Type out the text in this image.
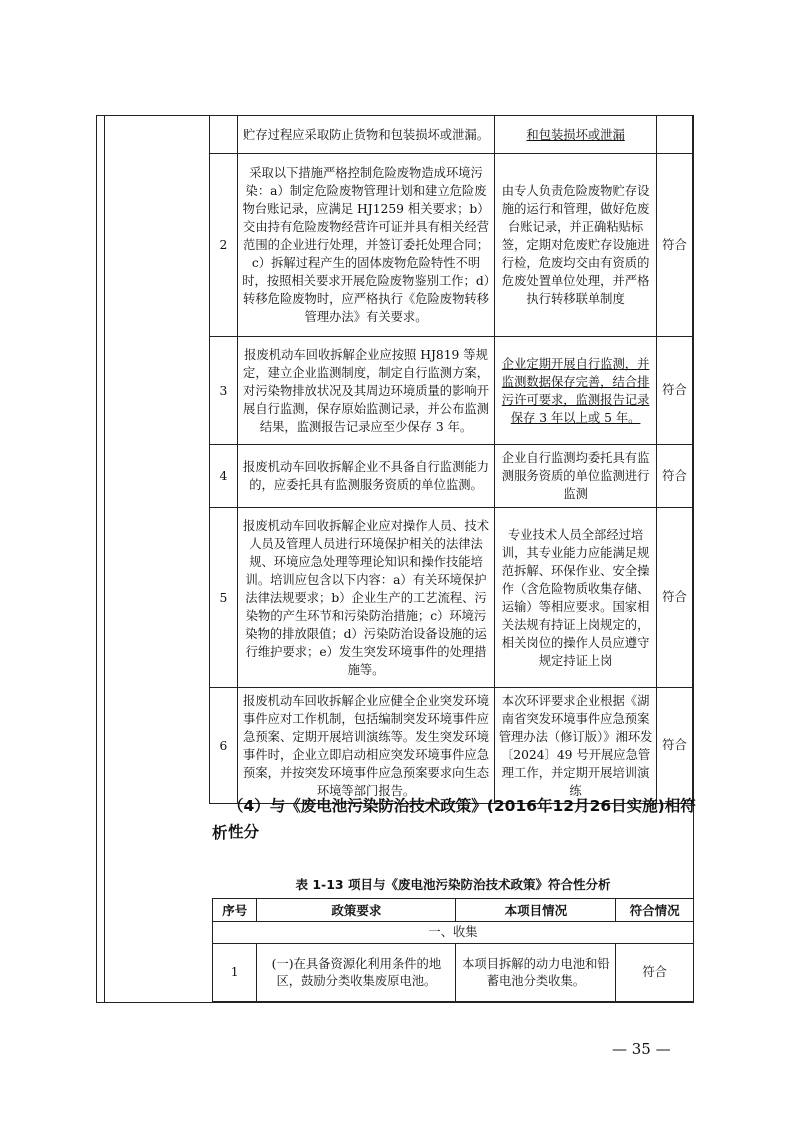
	贮存过程应采取防止货物和包装损坏或泄漏。	和包装损坏或泄漏	
2	采取以下措施严格控制危险废物造成环境污染：a）制定危险废物管理计划和建立危险废物台账记录，应满足 HJ1259 相关要求；b）交由持有危险废物经营许可证并具有相关经营范围的企业进行处理，并签订委托处理合同；c）拆解过程产生的固体废物危险特性不明时，按照相关要求开展危险废物鉴别工作；d）转移危险废物时，应严格执行《危险废物转移管理办法》有关要求。	由专人负责危险废物贮存设施的运行和管理，做好危废台账记录，并正确粘贴标签，定期对危废贮存设施进行检，危废均交由有资质的危废处置单位处理，并严格执行转移联单制度	符合
3	报废机动车回收拆解企业应按照 HJ819 等规定，建立企业监测制度，制定自行监测方案，对污染物排放状况及其周边环境质量的影响开展自行监测，保存原始监测记录，并公布监测结果，监测报告记录应至少保存 3 年。	企业定期开展自行监测，并监测数据保存完善，结合排污许可要求，监测报告记录保存 3 年以上或 5 年。	符合
4	报废机动车回收拆解企业不具备自行监测能力的，应委托具有监测服务资质的单位监测。	企业自行监测均委托具有监测服务资质的单位监测进行监测	符合
5	报废机动车回收拆解企业应对操作人员、技术人员及管理人员进行环境保护相关的法律法规、环境应急处理等理论知识和操作技能培训。培训应包含以下内容：a）有关环境保护法律法规要求；b）企业生产的工艺流程、污染物的产生环节和污染防治措施；c）环境污染物的排放限值；d）污染防治设备设施的运行维护要求；e）发生突发环境事件的处理措施等。	专业技术人员全部经过培训，其专业能力应能满足规范拆解、环保作业、安全操作（含危险物质收集存储、运输）等相应要求。国家相关法规有持证上岗规定的，相关岗位的操作人员应遵守规定持证上岗	符合
6	报废机动车回收拆解企业应健全企业突发环境事件应对工作机制，包括编制突发环境事件应急预案、定期开展培训演练等。发生突发环境事件时，企业立即启动相应突发环境事件应急预案，并按突发环境事件应急预案要求向生态环境等部门报告。	本次环评要求企业根据《湖南省突发环境事件应急预案管理办法（修订版）》湘环发〔2024〕49 号开展应急管理工作，并定期开展培训演练	符合
（4）与《废电池污染防治技术政策》(2016年12月26日实施)相符性分
析
表 1-13 项目与《废电池污染防治技术政策》符合性分析
序号	政策要求	本项目情况	符合情况
一、收集			
1	(一)在具备资源化利用条件的地区，鼓励分类收集废原电池。	本项目拆解的动力电池和铅蓄电池分类收集。	符合
— 35 —
